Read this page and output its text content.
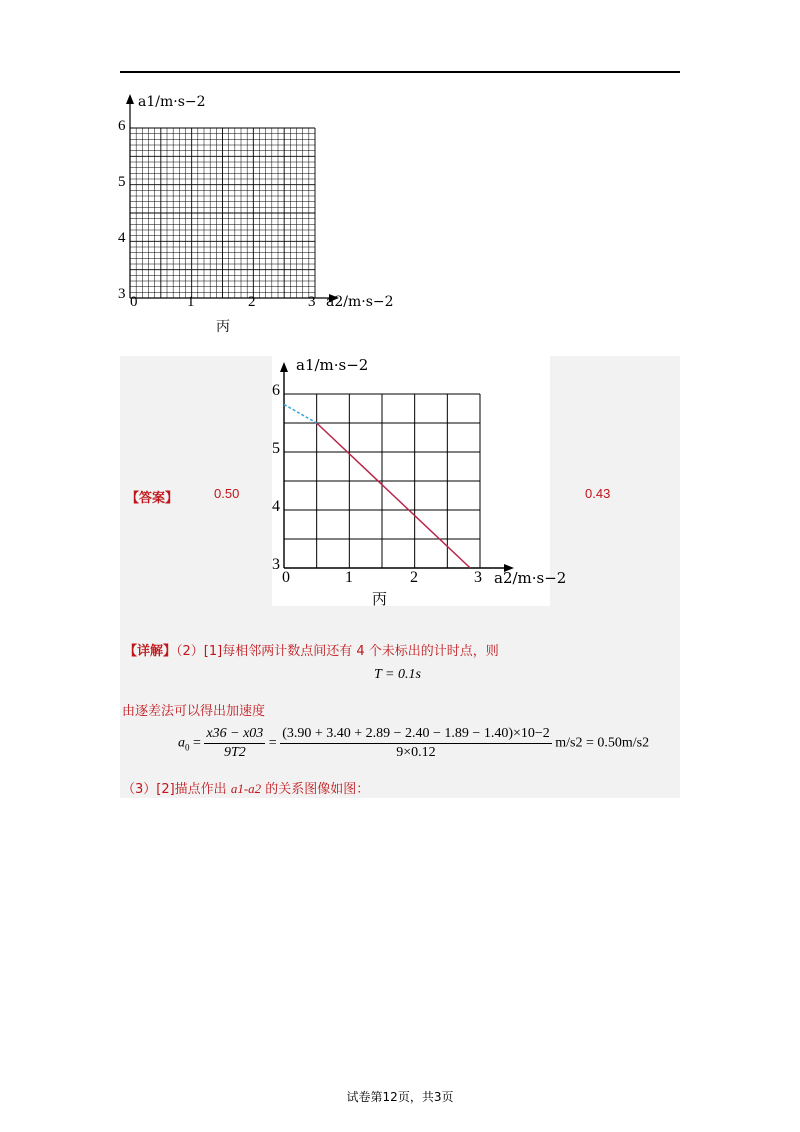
a1/m·s−2
6
5
4
3 0	1	2	3 a2/m·s−2
丙
【答案】	0.50	0.43
a1/m·s−2
6
5
4
3
0	1	2	3 a2/m·s−2
丙
【详解】（2）[1]每相邻两计数点间还有 4 个未标出的计时点，则
T = 0.1s
由逐差法可以得出加速度
$a_0 = \frac{x36 - x03}{9T2} = \frac{(3.90 + 3.40 + 2.89 - 2.40 - 1.89 - 1.40)\times 10-2}{9\times 0.12} m/s2 = 0.50m/s2$
（3）[2]描点作出 a1-a2 的关系图像如图：
试卷第12页，共3页
